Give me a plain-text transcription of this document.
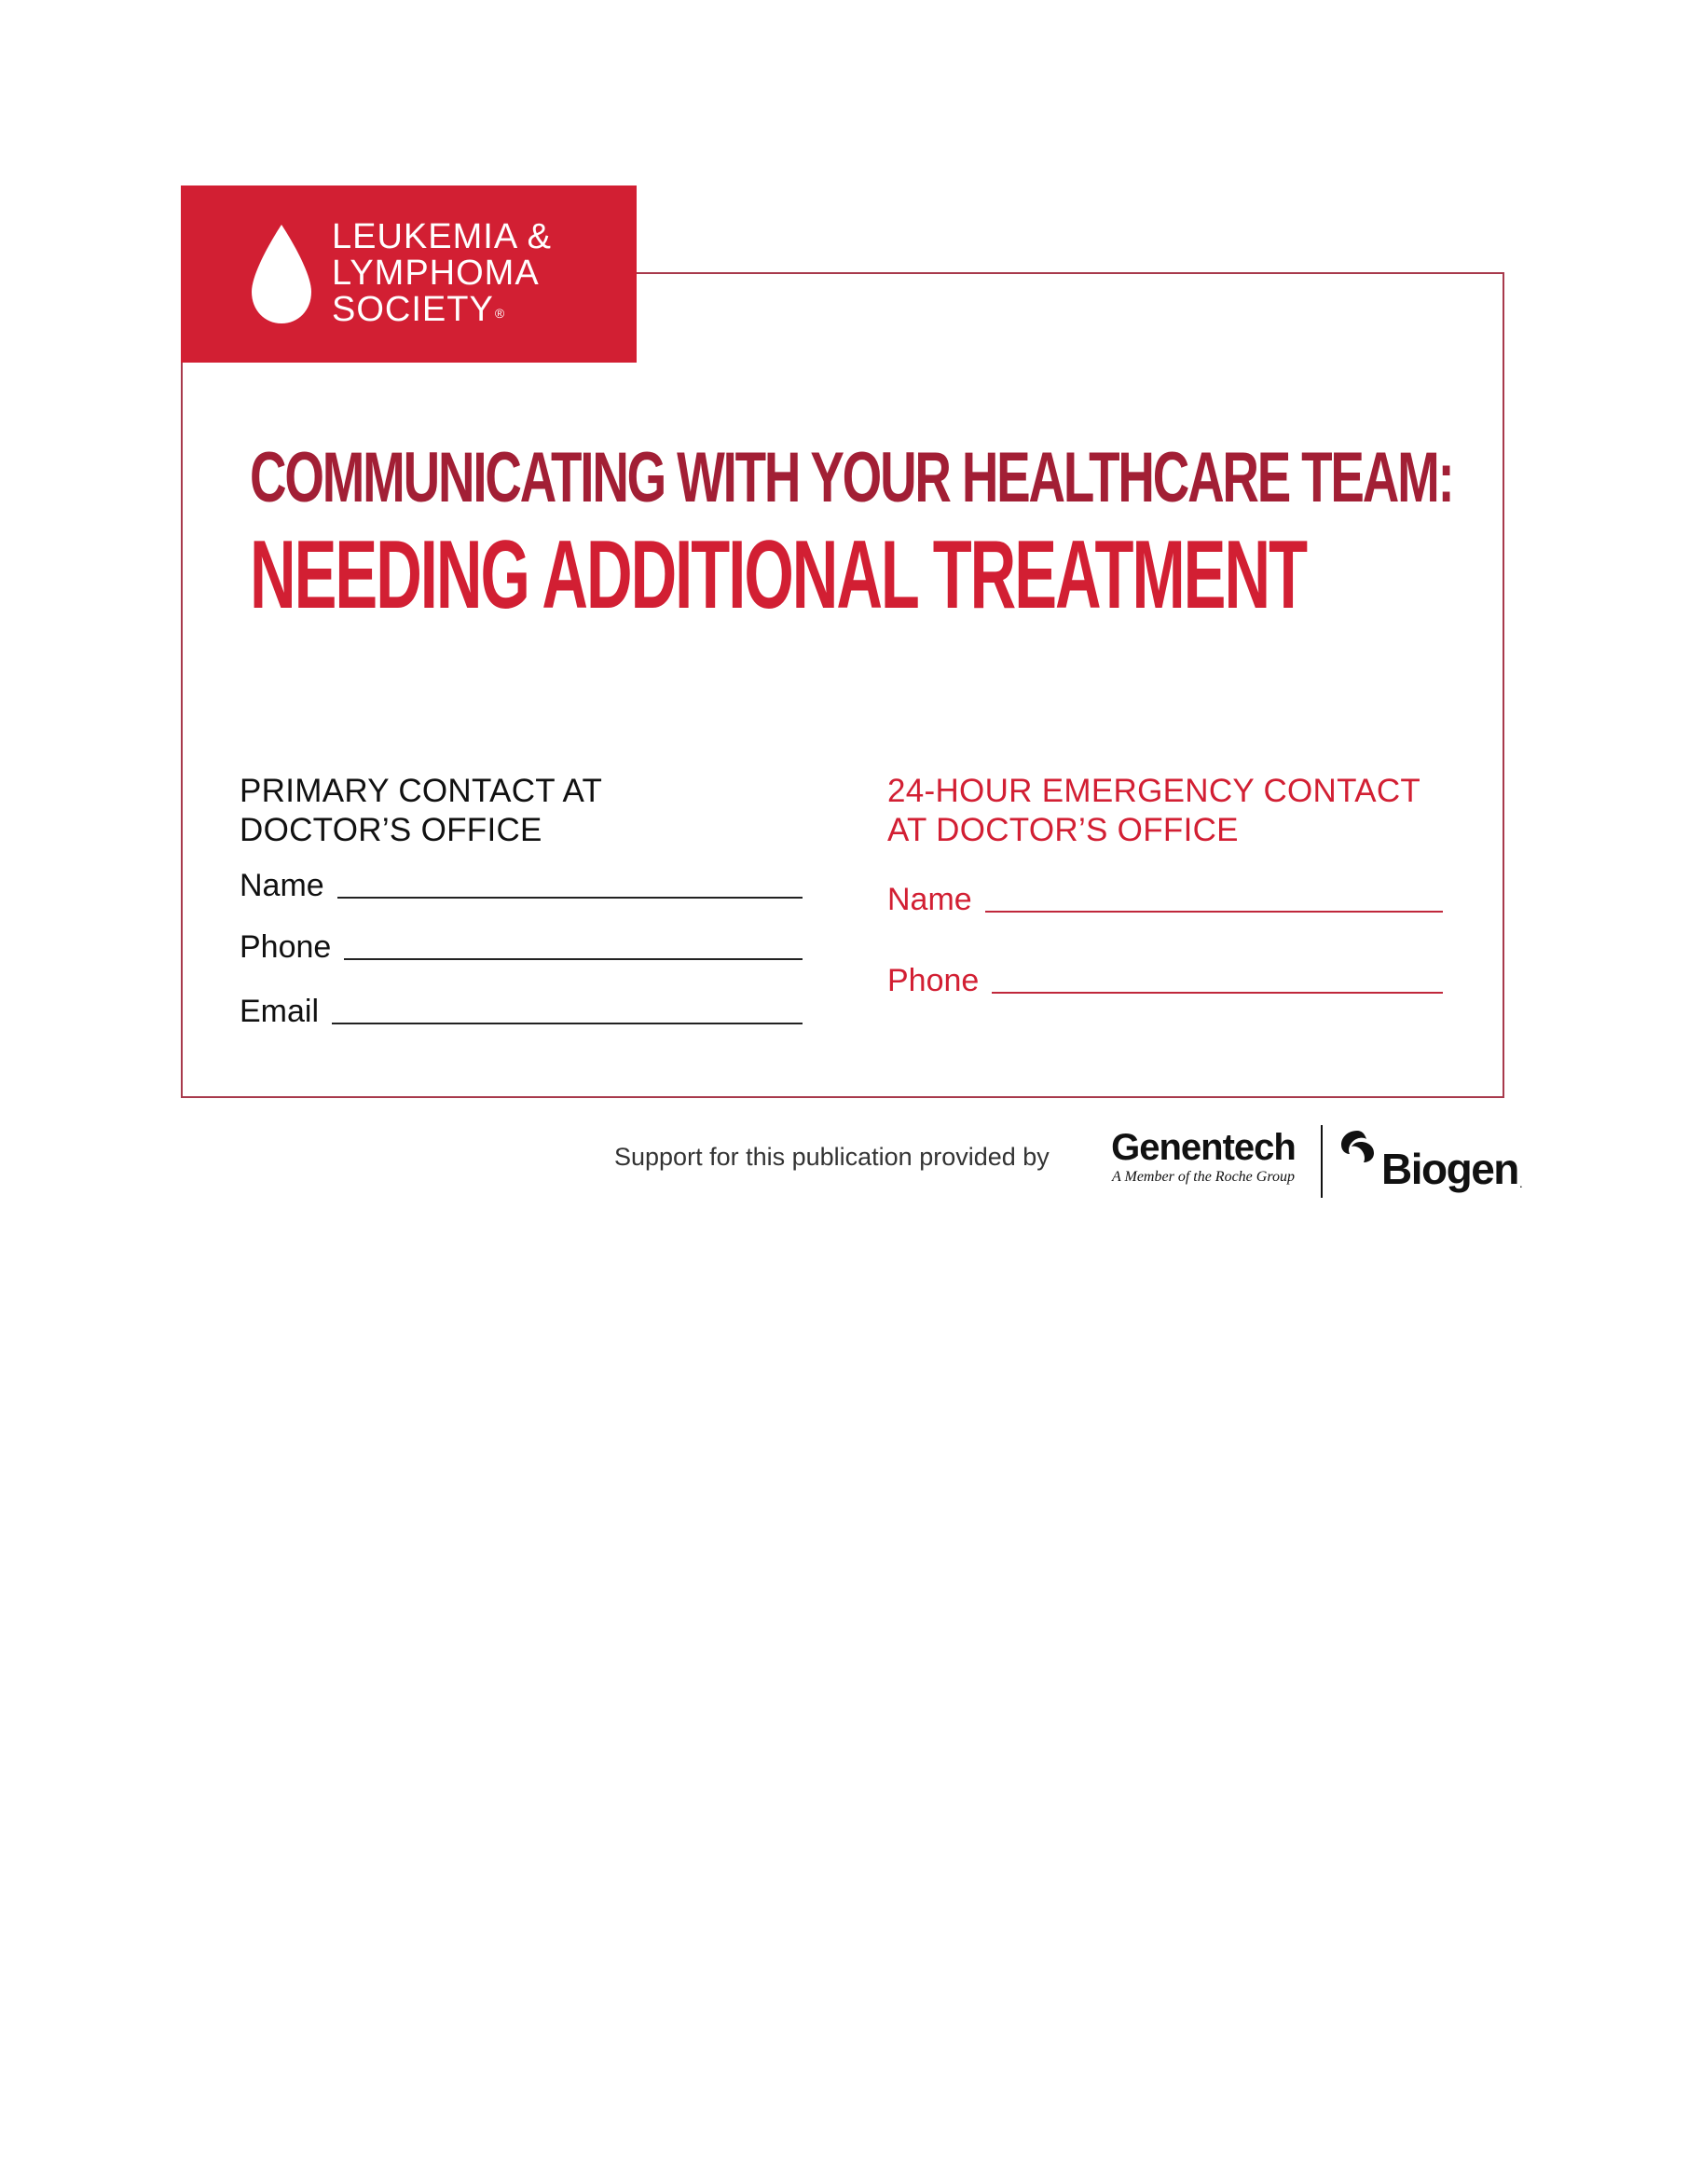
LEUKEMIA &
LYMPHOMA
SOCIETY®
COMMUNICATING WITH YOUR HEALTHCARE TEAM:
NEEDING ADDITIONAL TREATMENT
PRIMARY CONTACT AT
DOCTOR’S OFFICE
Name
Phone
Email
24-HOUR EMERGENCY CONTACT
AT DOCTOR’S OFFICE
Name
Phone
Support for this publication provided by	Genentech
A Member of the Roche Group Biogen .
